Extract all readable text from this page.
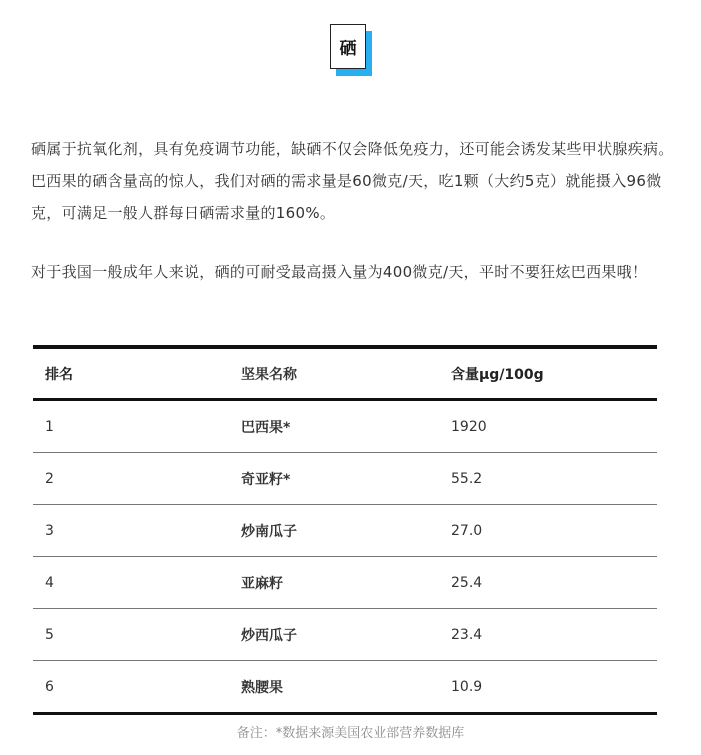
硒

硒属于抗氧化剂，具有免疫调节功能，缺硒不仅会降低免疫力，还可能会诱发某些甲状腺疾病。巴西果的硒含量高的惊人，我们对硒的需求量是60微克/天，吃1颗（大约5克）就能摄入96微克，可满足一般人群每日硒需求量的160%。

对于我国一般成年人来说，硒的可耐受最高摄入量为400微克/天，平时不要狂炫巴西果哦！

排名	坚果名称	含量μg/100g
1	巴西果*	1920
2	奇亚籽*	55.2
3	炒南瓜子	27.0
4	亚麻籽	25.4
5	炒西瓜子	23.4
6	熟腰果	10.9
备注：*数据来源美国农业部营养数据库
